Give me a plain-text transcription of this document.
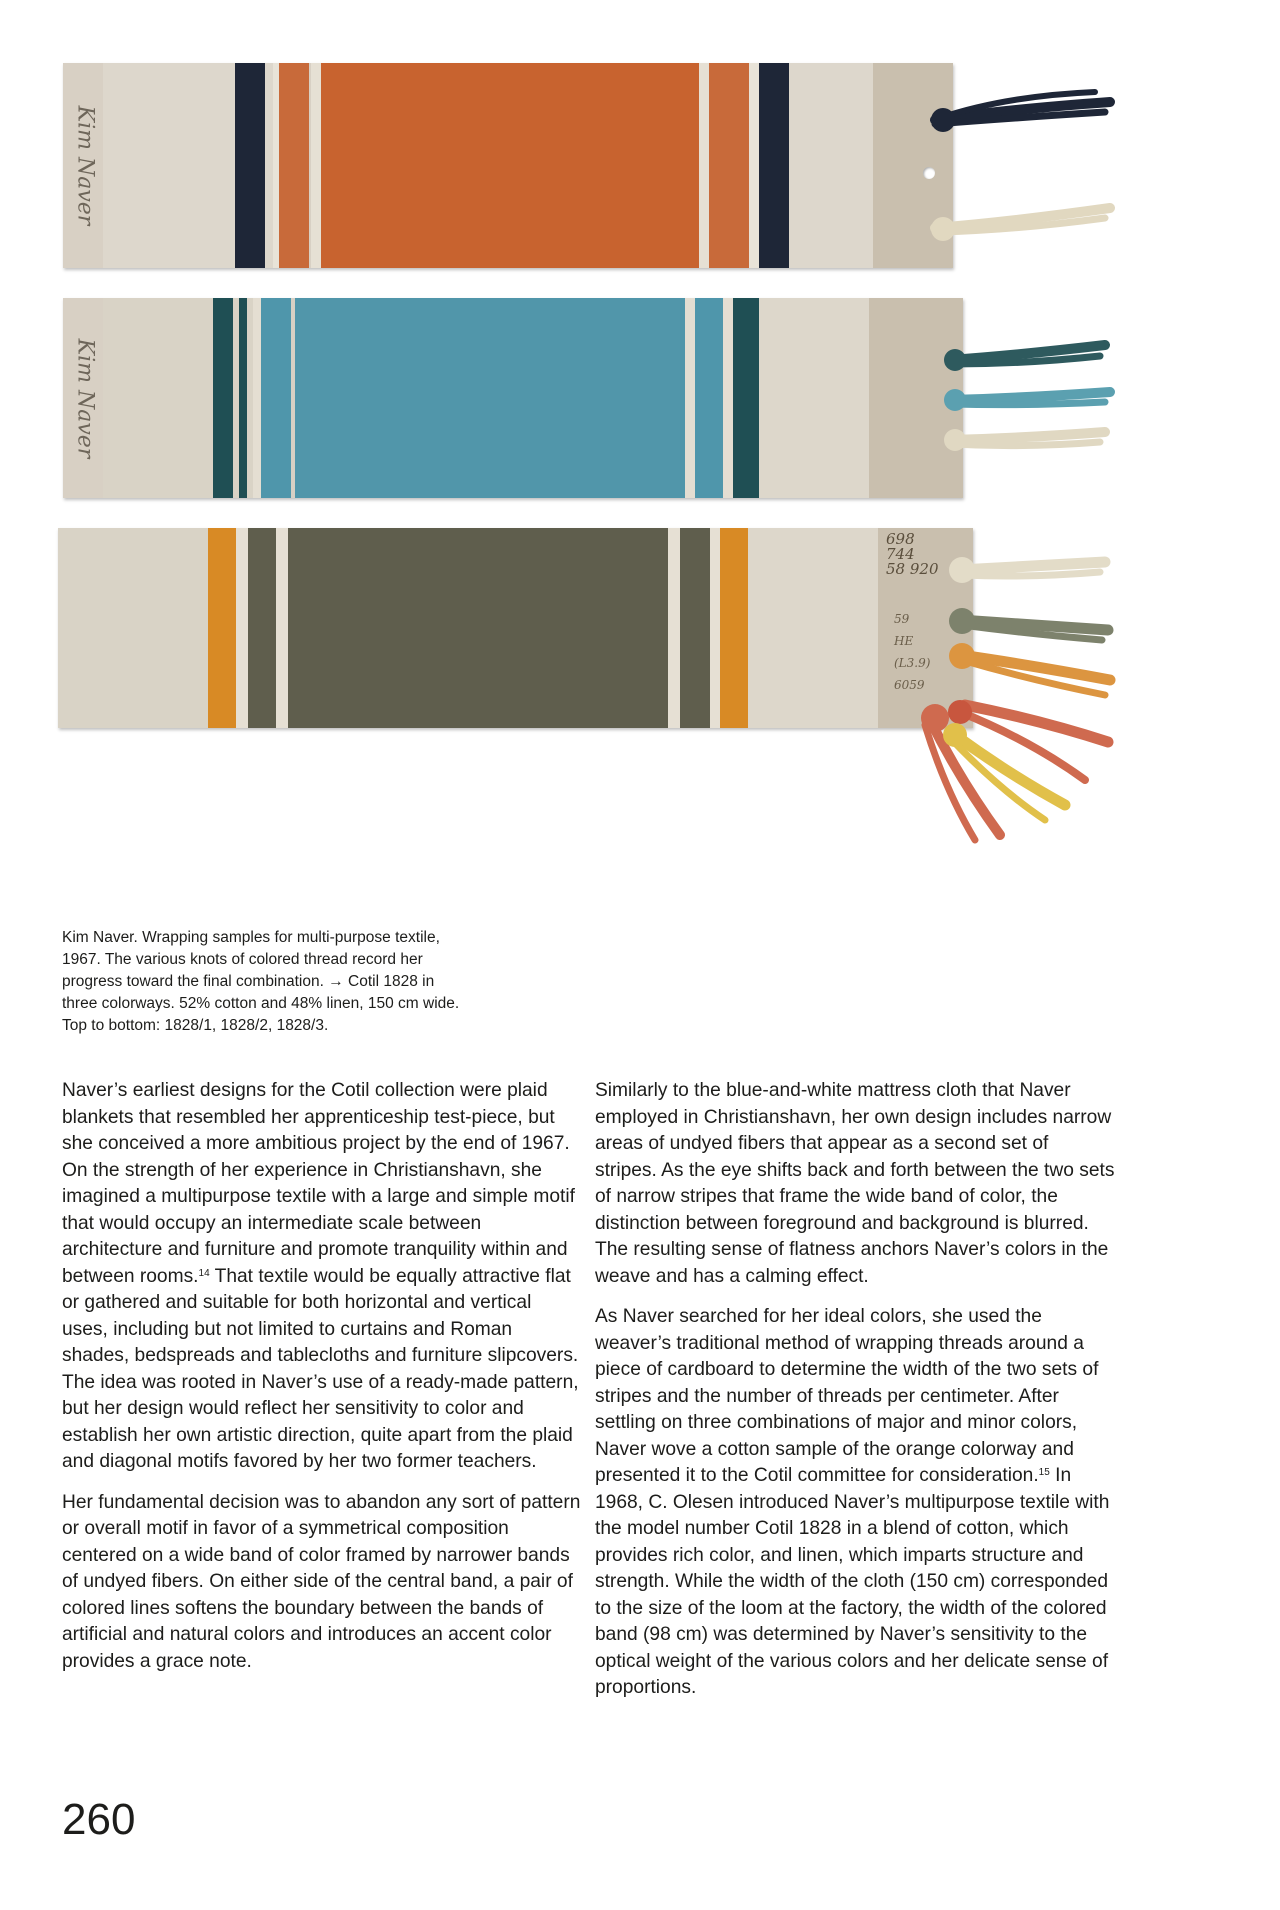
Kim Naver
Kim Naver
698
744
58 920
59
HE
(L3.9)
6059
Kim Naver. Wrapping samples for multi-purpose textile,
1967. The various knots of colored thread record her
progress toward the final combination. → Cotil 1828 in
three colorways. 52% cotton and 48% linen, 150 cm wide.
Top to bottom: 1828/1, 1828/2, 1828/3.

Naver’s earliest designs for the Cotil collection were plaid blankets that resembled her apprenticeship test-piece, but she conceived a more ambitious project by the end of 1967. On the strength of her experience in Christianshavn, she imagined a multipurpose textile with a large and simple motif that would occupy an intermediate scale between architecture and furniture and promote tranquility within and between rooms.$^{14}$ That textile would be equally attractive flat or gathered and suitable for both horizontal and vertical uses, including but not limited to curtains and Roman shades, bedspreads and tablecloths and furniture slipcovers. The idea was rooted in Naver’s use of a ready-made pattern, but her design would reflect her sensitivity to color and establish her own artistic direction, quite apart from the plaid and diagonal motifs favored by her two former teachers.

Her fundamental decision was to abandon any sort of pattern or overall motif in favor of a symmetrical composition centered on a wide band of color framed by narrower bands of undyed fibers. On either side of the central band, a pair of colored lines softens the boundary between the bands of artificial and natural colors and introduces an accent color provides a grace note.

Similarly to the blue-and-white mattress cloth that Naver employed in Christianshavn, her own design includes narrow areas of undyed fibers that appear as a second set of stripes. As the eye shifts back and forth between the two sets of narrow stripes that frame the wide band of color, the distinction between foreground and background is blurred. The resulting sense of flatness anchors Naver’s colors in the weave and has a calming effect.

As Naver searched for her ideal colors, she used the weaver’s traditional method of wrapping threads around a piece of cardboard to determine the width of the two sets of stripes and the number of threads per centimeter. After settling on three combinations of major and minor colors, Naver wove a cotton sample of the orange colorway and presented it to the Cotil committee for consideration.$^{15}$ In 1968, C. Olesen introduced Naver’s multipurpose textile with the model number Cotil 1828 in a blend of cotton, which provides rich color, and linen, which imparts structure and strength. While the width of the cloth (150 cm) corresponded to the size of the loom at the factory, the width of the colored band (98 cm) was determined by Naver’s sensitivity to the optical weight of the various colors and her delicate sense of proportions.

260
